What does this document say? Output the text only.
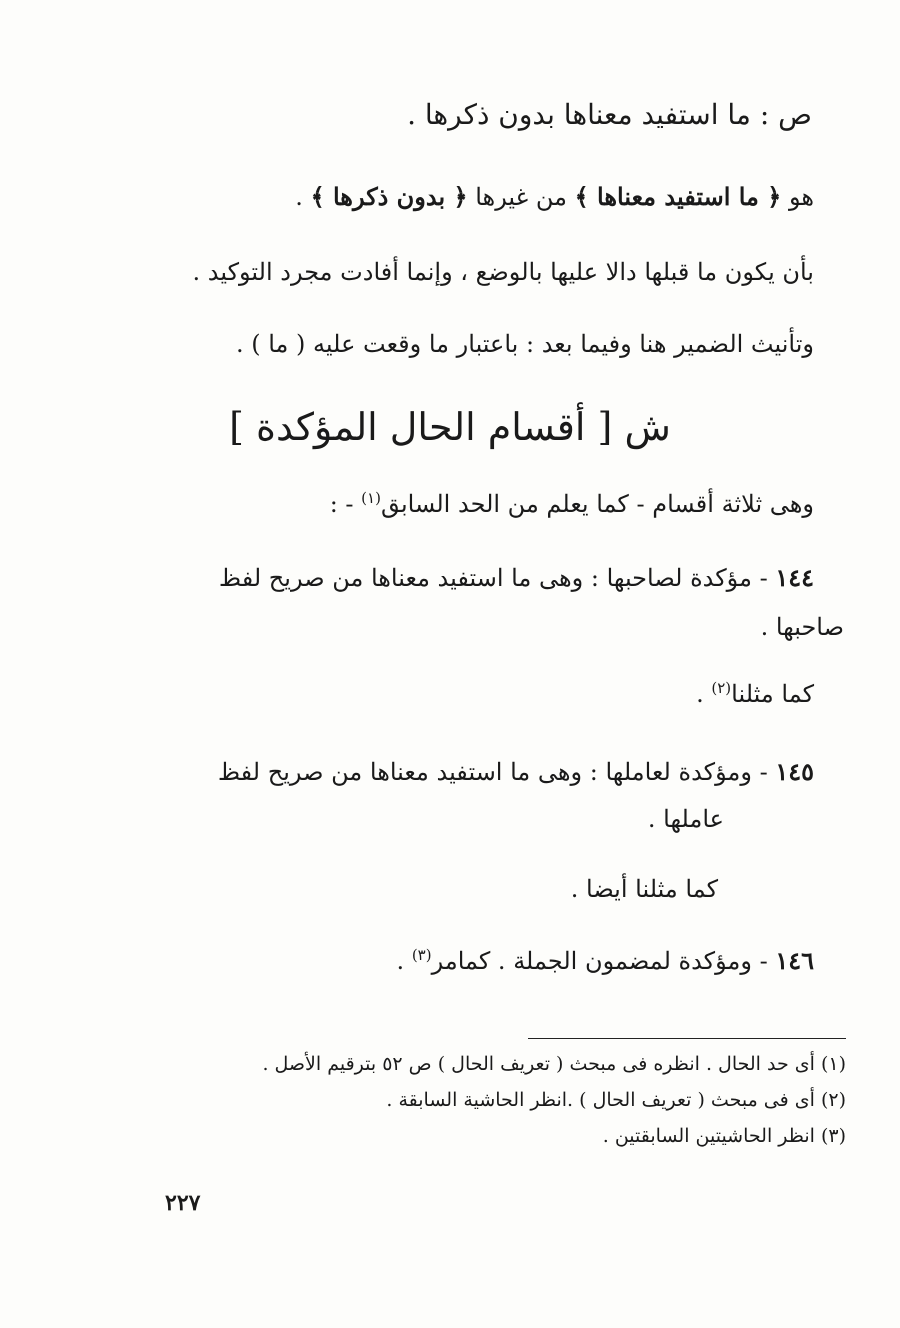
ص : ما استفيد معناها بدون ذكرها .
هو ﴿ ما استفيد معناها ﴾ من غيرها ﴿ بدون ذكرها ﴾ .
بأن يكون ما قبلها دالا عليها بالوضع ، وإنما أفادت مجرد التوكيد .
وتأنيث الضمير هنا وفيما بعد : باعتبار ما وقعت عليه ( ما ) .
ش [ أقسام الحال المؤكدة ]
وهى ثلاثة أقسام - كما يعلم من الحد السابق$^{(١)}$ - :
١٤٤ - مؤكدة لصاحبها : وهى ما استفيد معناها من صريح لفظ
صاحبها .
كما مثلنا$^{(٢)}$ .
١٤٥ - ومؤكدة لعاملها : وهى ما استفيد معناها من صريح لفظ
عاملها .
كما مثلنا أيضا .
١٤٦ - ومؤكدة لمضمون الجملة . كمامر$^{(٣)}$ .
(١) أى حد الحال . انظره فى مبحث ( تعريف الحال ) ص ٥٢ بترقيم الأصل .
(٢) أى فى مبحث ( تعريف الحال ) .انظر الحاشية السابقة .
(٣) انظر الحاشيتين السابقتين .
٢٢٧
